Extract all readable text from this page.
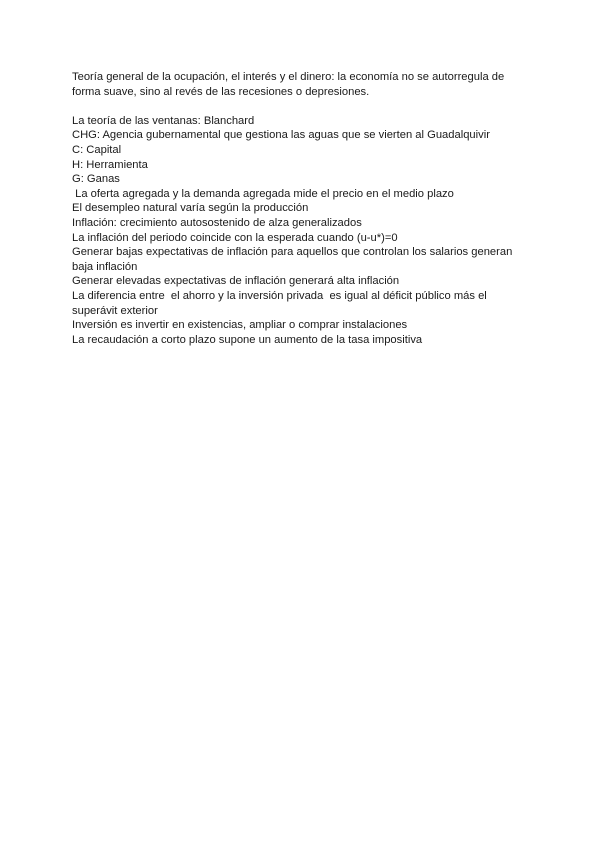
Teoría general de la ocupación, el interés y el dinero: la economía no se autorregula de forma suave, sino al revés de las recesiones o depresiones.

La teoría de las ventanas: Blanchard
CHG: Agencia gubernamental que gestiona las aguas que se vierten al Guadalquivir
C: Capital
H: Herramienta
G: Ganas
La oferta agregada y la demanda agregada mide el precio en el medio plazo
El desempleo natural varía según la producción
Inflación: crecimiento autosostenido de alza generalizados
La inflación del periodo coincide con la esperada cuando (u-u*)=0
Generar bajas expectativas de inflación para aquellos que controlan los salarios generan baja inflación
Generar elevadas expectativas de inflación generará alta inflación
La diferencia entre  el ahorro y la inversión privada  es igual al déficit público más el superávit exterior
Inversión es invertir en existencias, ampliar o comprar instalaciones
La recaudación a corto plazo supone un aumento de la tasa impositiva
